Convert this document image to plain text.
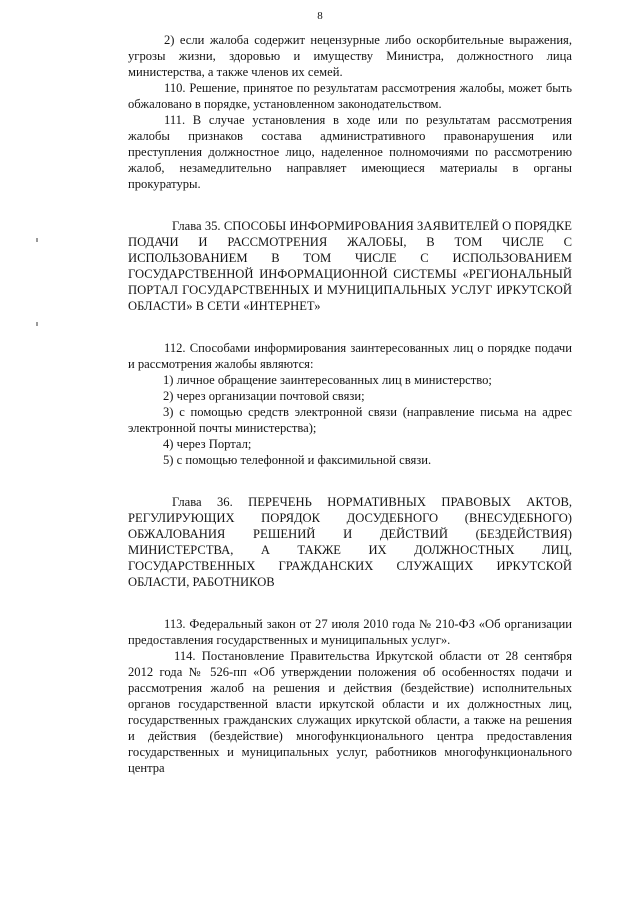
8

2) если жалоба содержит нецензурные либо оскорбительные выражения, угрозы жизни, здоровью и имуществу Министра, должностного лица министерства, а также членов их семей.

110. Решение, принятое по результатам рассмотрения жалобы, может быть обжаловано в порядке, установленном законодательством.

111. В случае установления в ходе или по результатам рассмотрения жалобы признаков состава административного правонарушения или преступления должностное лицо, наделенное полномочиями по рассмотрению жалоб, незамедлительно направляет имеющиеся материалы в органы прокуратуры.

Глава 35. СПОСОБЫ ИНФОРМИРОВАНИЯ ЗАЯВИТЕЛЕЙ О ПОРЯДКЕ ПОДАЧИ И РАССМОТРЕНИЯ ЖАЛОБЫ, В ТОМ ЧИСЛЕ С ИСПОЛЬЗОВАНИЕМ В ТОМ ЧИСЛЕ С ИСПОЛЬЗОВАНИЕМ ГОСУДАРСТВЕННОЙ ИНФОРМАЦИОННОЙ СИСТЕМЫ «РЕГИОНАЛЬНЫЙ ПОРТАЛ ГОСУДАРСТВЕННЫХ И МУНИЦИПАЛЬНЫХ УСЛУГ ИРКУТСКОЙ ОБЛАСТИ» В СЕТИ «ИНТЕРНЕТ»

112. Способами информирования заинтересованных лиц о порядке подачи и рассмотрения жалобы являются:

1) личное обращение заинтересованных лиц в министерство;

2) через организации почтовой связи;

3) с помощью средств электронной связи (направление письма на адрес электронной почты министерства);

4) через Портал;

5) с помощью телефонной и факсимильной связи.

Глава 36. ПЕРЕЧЕНЬ НОРМАТИВНЫХ ПРАВОВЫХ АКТОВ, РЕГУЛИРУЮЩИХ ПОРЯДОК ДОСУДЕБНОГО (ВНЕСУДЕБНОГО) ОБЖАЛОВАНИЯ РЕШЕНИЙ И ДЕЙСТВИЙ (БЕЗДЕЙСТВИЯ) МИНИСТЕРСТВА, А ТАКЖЕ ИХ ДОЛЖНОСТНЫХ ЛИЦ, ГОСУДАРСТВЕННЫХ ГРАЖДАНСКИХ СЛУЖАЩИХ ИРКУТСКОЙ ОБЛАСТИ, РАБОТНИКОВ

113. Федеральный закон от 27 июля 2010 года № 210-ФЗ «Об организации предоставления государственных и муниципальных услуг».

114. Постановление Правительства Иркутской области от 28 сентября 2012 года № 526-пп «Об утверждении положения об особенностях подачи и рассмотрения жалоб на решения и действия (бездействие) исполнительных органов государственной власти иркутской области и их должностных лиц, государственных гражданских служащих иркутской области, а также на решения и действия (бездействие) многофункционального центра предоставления государственных и муниципальных услуг, работников многофункционального центра
